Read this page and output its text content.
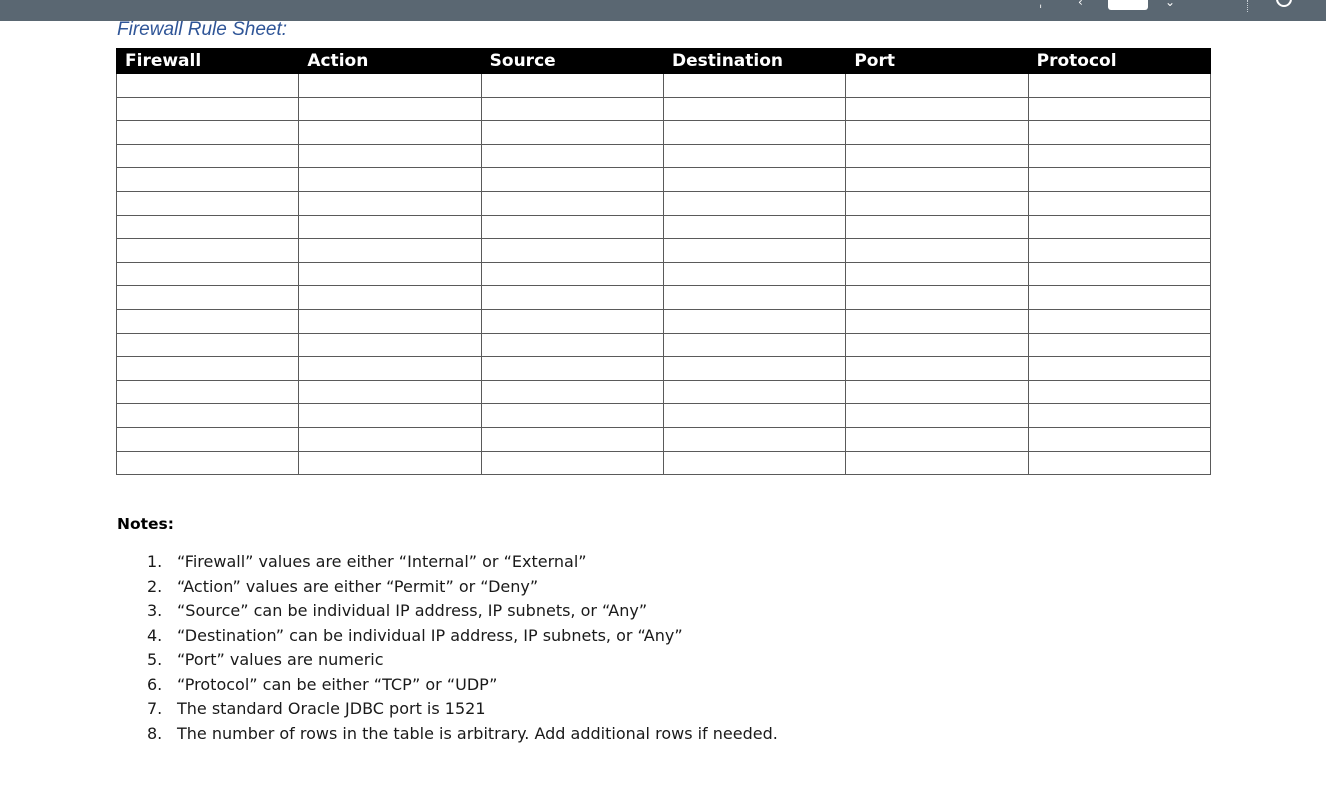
ˌ	‹	⌄
Firewall Rule Sheet:
Firewall	Action	Source	Destination	Port	Protocol

Notes:
1. “Firewall” values are either “Internal” or “External”
2. “Action” values are either “Permit” or “Deny”
3. “Source” can be individual IP address, IP subnets, or “Any”
4. “Destination” can be individual IP address, IP subnets, or “Any”
5. “Port” values are numeric
6. “Protocol” can be either “TCP” or “UDP”
7. The standard Oracle JDBC port is 1521
8. The number of rows in the table is arbitrary. Add additional rows if needed.
